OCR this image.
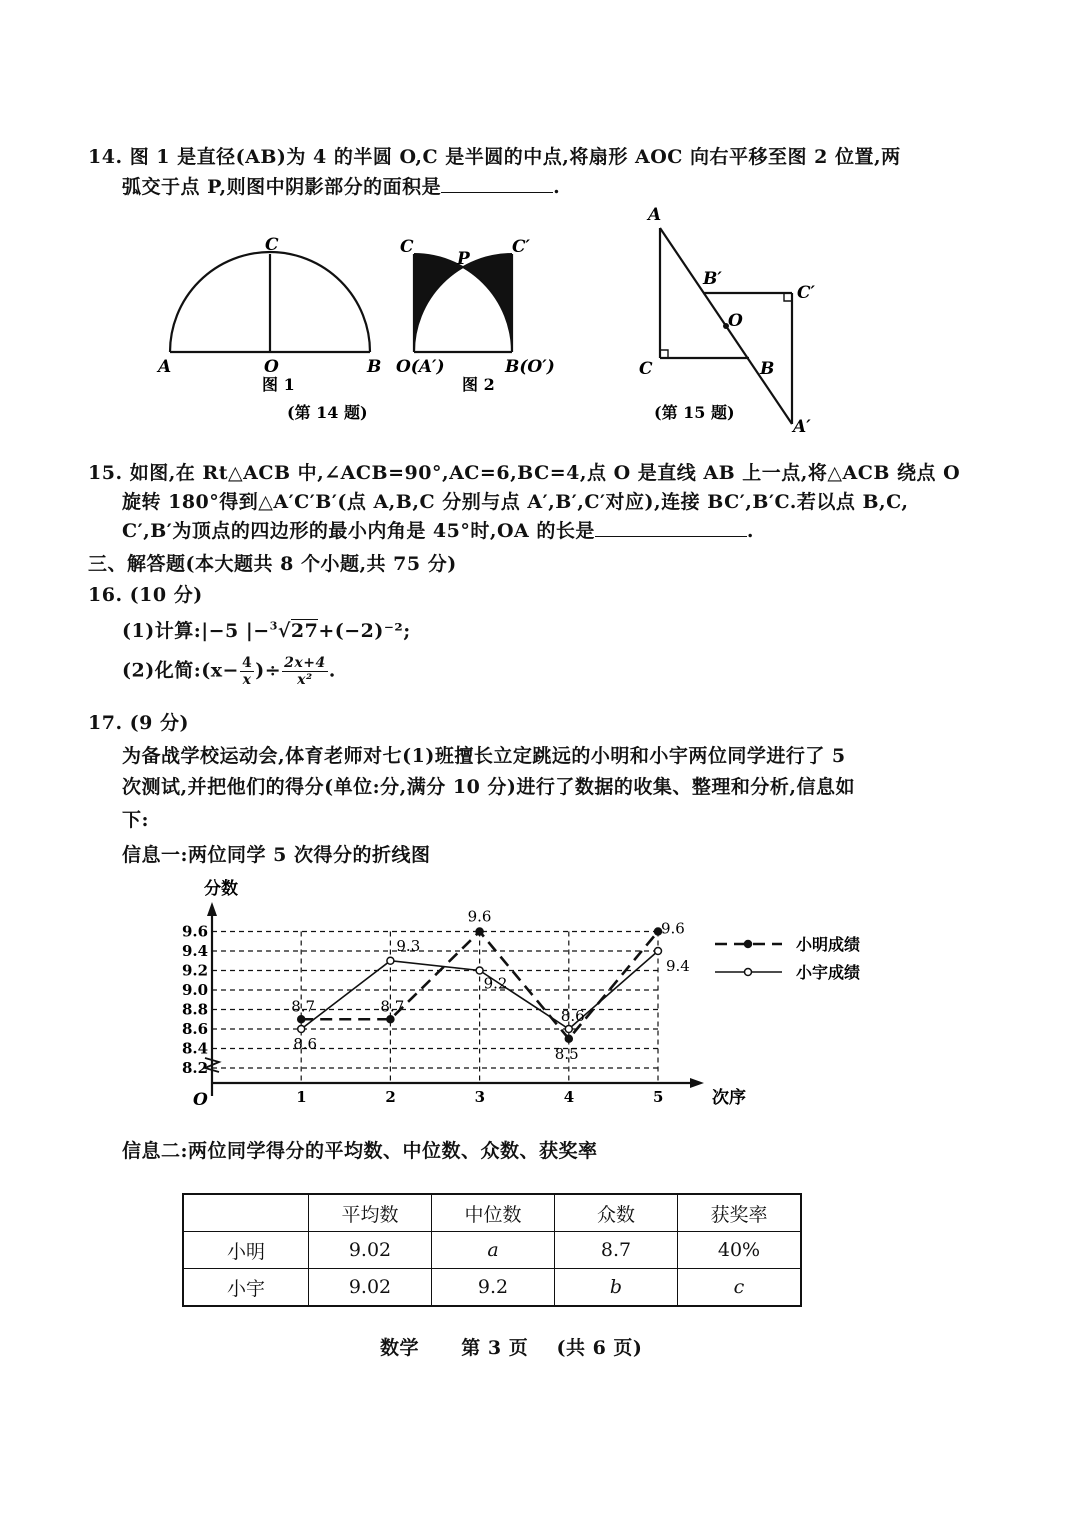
14. 图 1 是直径(AB)为 4 的半圆 O,C 是半圆的中点,将扇形 AOC 向右平移至图 2 位置,两
弧交于点 P,则图中阴影部分的面积是	.
C
A	O	B
图 1
C
P
C′
O(A′)	B(O′)
图 2
(第 14 题)
A
B′
C′
O
C	B
A′
(第 15 题)
15. 如图,在 Rt△ACB 中,∠ACB=90°,AC=6,BC=4,点 O 是直线 AB 上一点,将△ACB 绕点 O
旋转 180°得到△A′C′B′(点 A,B,C 分别与点 A′,B′,C′对应),连接 BC′,B′C.若以点 B,C,
C′,B′为顶点的四边形的最小内角是 45°时,OA 的长是	.
三、解答题(本大题共 8 个小题,共 75 分)
16. (10 分)
(1)计算:|−5 |−$^3$√27+(−2)⁻²;
(2)化简:(x− $\frac{4}{x}$ )÷ $\frac{2x+4}{\text{x²}}$ .
17. (9 分)
为备战学校运动会,体育老师对七(1)班擅长立定跳远的小明和小宇两位同学进行了 5
次测试,并把他们的得分(单位:分,满分 10 分)进行了数据的收集、整理和分析,信息如
下:
信息一:两位同学 5 次得分的折线图
分数
次序
O
8.2
8.4
8.6
8.8
9.0
9.2
9.4
9.6
1	2	3	4	5
8.7	8.7
9.6
8.5
9.6
8.6
9.3
9.2
8.6
9.4
小明成绩
小宇成绩
信息二:两位同学得分的平均数、中位数、众数、获奖率
	平均数	中位数	众数	获奖率
小明	9.02	a	8.7	40%
小宇	9.02	9.2	b	c
数学 第 3 页 (共 6 页)
